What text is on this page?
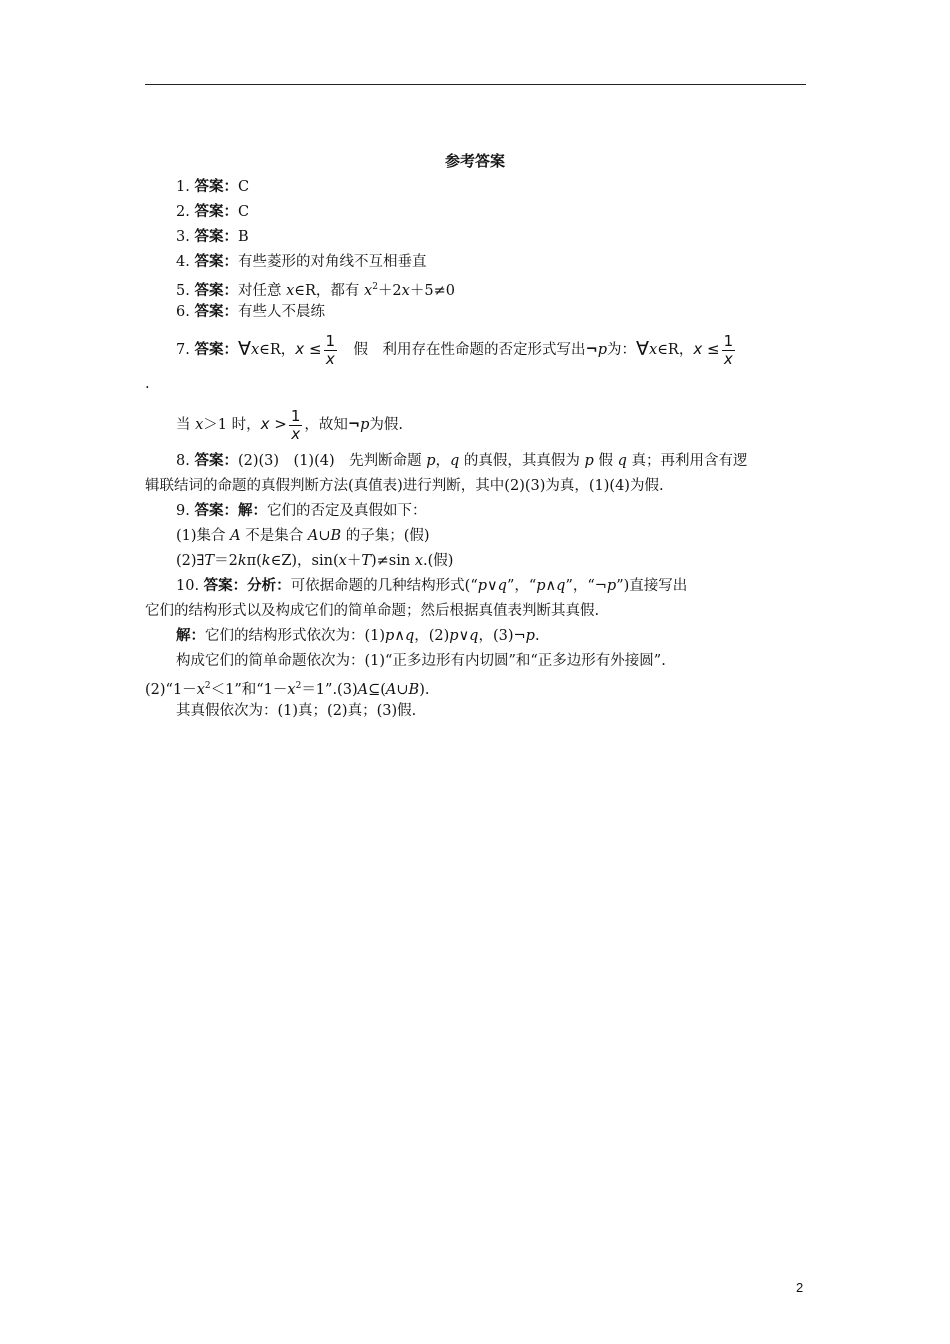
参考答案
1. 答案：C
2. 答案：C
3. 答案：B
4. 答案：有些菱形的对角线不互相垂直
5. 答案：对任意 x∈R，都有 $x^2+2x+5\ne 0$
6. 答案：有些人不晨练
7. 答案：∀x∈R，$x \le \frac{1}{x}$ 　假　利用存在性命题的否定形式写出¬p为：∀x∈R，$x \le \frac{1}{x}$
.
当 x＞1 时，$x > \frac{1}{x}$ ，故知¬p为假.
8. 答案：(2)(3)　(1)(4)　先判断命题 p，q 的真假，其真假为 p 假 q 真；再利用含有逻
辑联结词的命题的真假判断方法(真值表)进行判断，其中(2)(3)为真，(1)(4)为假.
9. 答案：解：它们的否定及真假如下：
(1)集合 A 不是集合 A∪B 的子集；(假)
(2)∃T＝2kπ(k∈Z)，sin(x＋T)≠sin x.(假)
10. 答案：分析：可依据命题的几种结构形式(“p∨q”，“p∧q”，“¬p”)直接写出
它们的结构形式以及构成它们的简单命题；然后根据真值表判断其真假.
解：它们的结构形式依次为：(1)p∧q，(2)p∨q，(3)¬p.
构成它们的简单命题依次为：(1)“正多边形有内切圆”和“正多边形有外接圆”.
$(2)“1-x^2<1$”和“$1-x^2=1”.(3)A⊆(A\cup B)$.
其真假依次为：(1)真；(2)真；(3)假.
2
